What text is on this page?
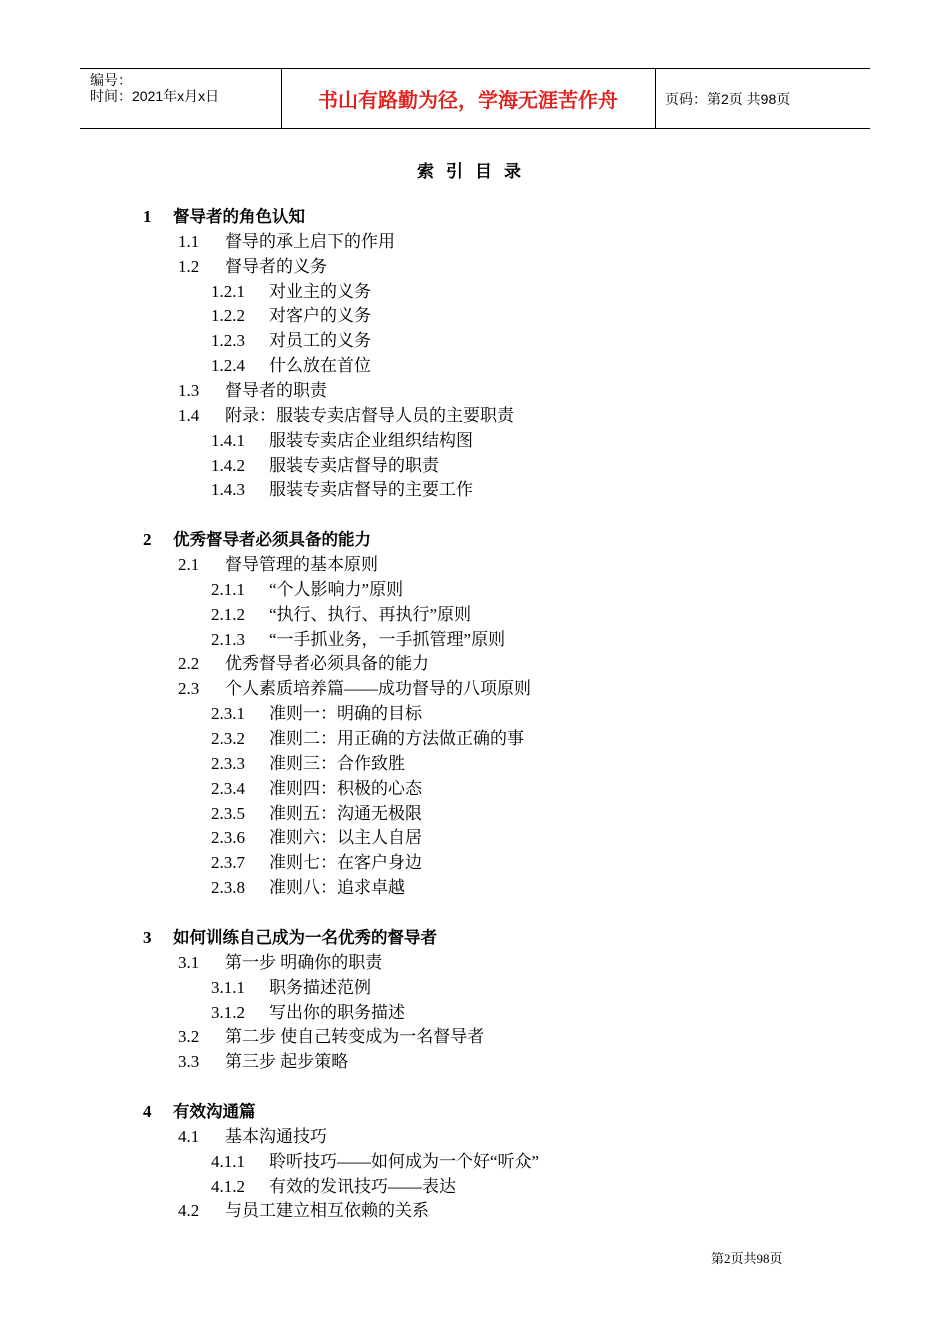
编号：
时间：2021年x月x日	书山有路勤为径，学海无涯苦作舟	页码：第2页 共98页
索引目录
1 督导者的角色认知
1.1 督导的承上启下的作用
1.2 督导者的义务
1.2.1 对业主的义务
1.2.2 对客户的义务
1.2.3 对员工的义务
1.2.4 什么放在首位
1.3 督导者的职责
1.4 附录：服装专卖店督导人员的主要职责
1.4.1 服装专卖店企业组织结构图
1.4.2 服装专卖店督导的职责
1.4.3 服装专卖店督导的主要工作
2 优秀督导者必须具备的能力
2.1 督导管理的基本原则
2.1.1 “个人影响力”原则
2.1.2 “执行、执行、再执行”原则
2.1.3 “一手抓业务，一手抓管理”原则
2.2 优秀督导者必须具备的能力
2.3 个人素质培养篇——成功督导的八项原则
2.3.1 准则一：明确的目标
2.3.2 准则二：用正确的方法做正确的事
2.3.3 准则三：合作致胜
2.3.4 准则四：积极的心态
2.3.5 准则五：沟通无极限
2.3.6 准则六：以主人自居
2.3.7 准则七：在客户身边
2.3.8 准则八：追求卓越
3 如何训练自己成为一名优秀的督导者
3.1 第一步 明确你的职责
3.1.1 职务描述范例
3.1.2 写出你的职务描述
3.2 第二步 使自己转变成为一名督导者
3.3 第三步 起步策略
4 有效沟通篇
4.1 基本沟通技巧
4.1.1 聆听技巧——如何成为一个好“听众”
4.1.2 有效的发讯技巧——表达
4.2 与员工建立相互依赖的关系
第2页共98页
